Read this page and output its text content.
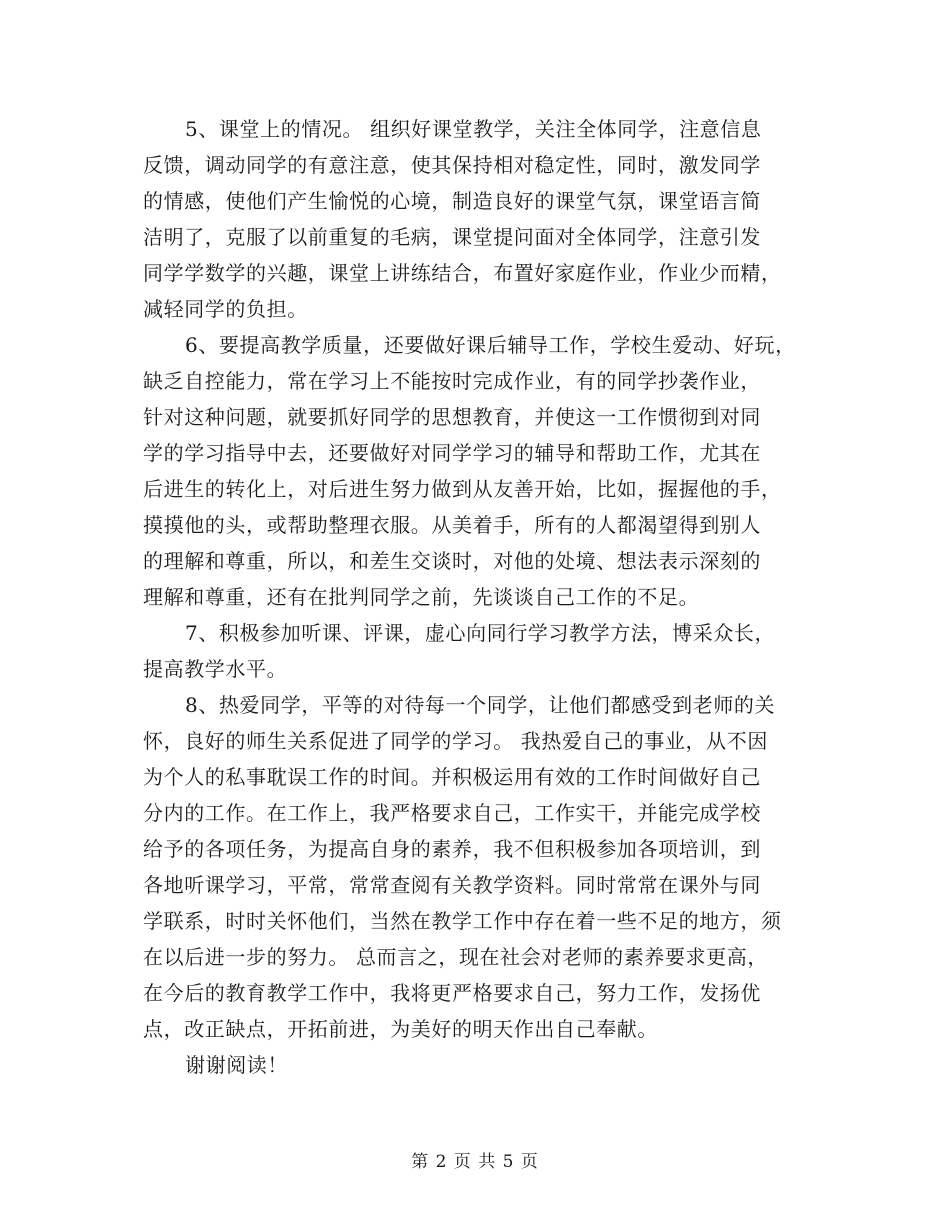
5、课堂上的情况。 组织好课堂教学，关注全体同学，注意信息
反馈，调动同学的有意注意，使其保持相对稳定性，同时，激发同学
的情感，使他们产生愉悦的心境，制造良好的课堂气氛，课堂语言简
洁明了，克服了以前重复的毛病，课堂提问面对全体同学，注意引发
同学学数学的兴趣，课堂上讲练结合，布置好家庭作业，作业少而精，
减轻同学的负担。
6、要提高教学质量，还要做好课后辅导工作，学校生爱动、好玩，
缺乏自控能力，常在学习上不能按时完成作业，有的同学抄袭作业，
针对这种问题，就要抓好同学的思想教育，并使这一工作惯彻到对同
学的学习指导中去，还要做好对同学学习的辅导和帮助工作，尤其在
后进生的转化上，对后进生努力做到从友善开始，比如，握握他的手，
摸摸他的头，或帮助整理衣服。从美着手，所有的人都渴望得到别人
的理解和尊重，所以，和差生交谈时，对他的处境、想法表示深刻的
理解和尊重，还有在批判同学之前，先谈谈自己工作的不足。
7、积极参加听课、评课，虚心向同行学习教学方法，博采众长，
提高教学水平。
8、热爱同学，平等的对待每一个同学，让他们都感受到老师的关
怀，良好的师生关系促进了同学的学习。 我热爱自己的事业，从不因
为个人的私事耽误工作的时间。并积极运用有效的工作时间做好自己
分内的工作。在工作上，我严格要求自己，工作实干，并能完成学校
给予的各项任务，为提高自身的素养，我不但积极参加各项培训，到
各地听课学习，平常，常常查阅有关教学资料。同时常常在课外与同
学联系，时时关怀他们，当然在教学工作中存在着一些不足的地方，须
在以后进一步的努力。 总而言之，现在社会对老师的素养要求更高，
在今后的教育教学工作中，我将更严格要求自己，努力工作，发扬优
点，改正缺点，开拓前进，为美好的明天作出自己奉献。
谢谢阅读！
第 2 页 共 5 页
